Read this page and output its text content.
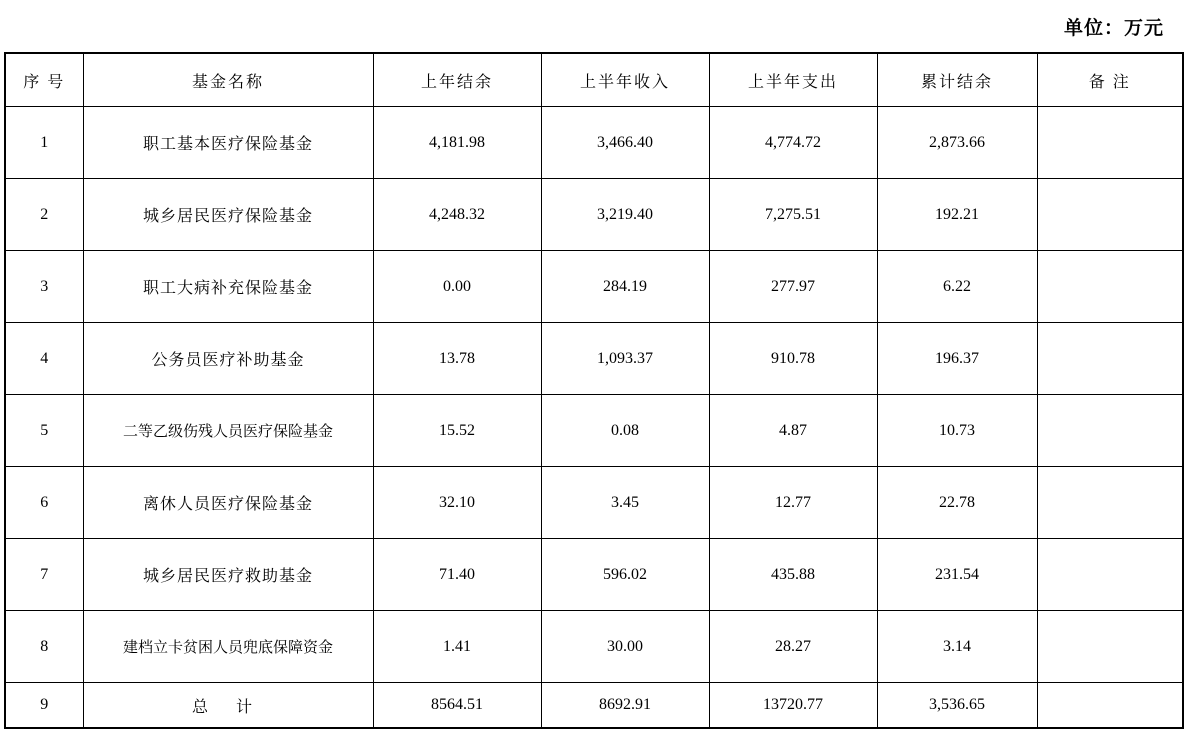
单位：万元
序 号	基金名称	上年结余	上半年收入	上半年支出	累计结余	备 注
1	职工基本医疗保险基金	4,181.98	3,466.40	4,774.72	2,873.66	
2	城乡居民医疗保险基金	4,248.32	3,219.40	7,275.51	192.21	
3	职工大病补充保险基金	0.00	284.19	277.97	6.22	
4	公务员医疗补助基金	13.78	1,093.37	910.78	196.37	
5	二等乙级伤残人员医疗保险基金	15.52	0.08	4.87	10.73	
6	离休人员医疗保险基金	32.10	3.45	12.77	22.78	
7	城乡居民医疗救助基金	71.40	596.02	435.88	231.54	
8	建档立卡贫困人员兜底保障资金	1.41	30.00	28.27	3.14	
9	总 计	8564.51	8692.91	13720.77	3,536.65	
